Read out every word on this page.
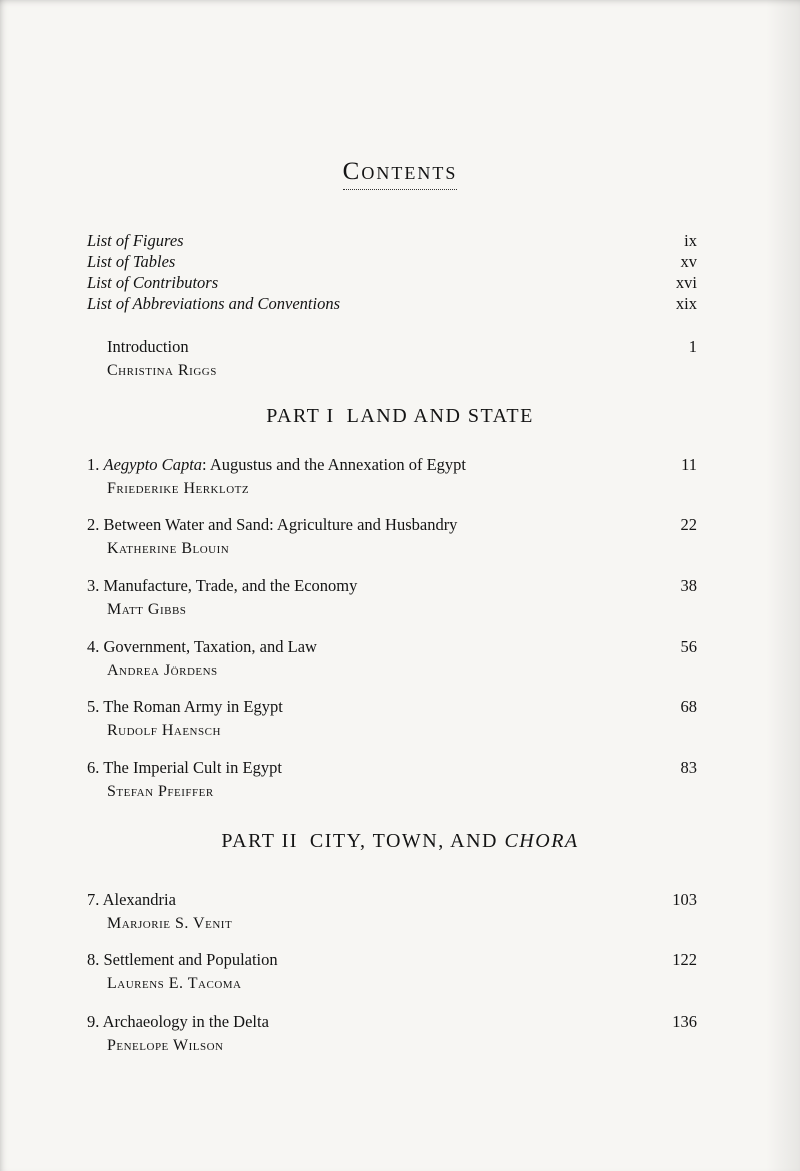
Contents
List of Figures	ix
List of Tables	xv
List of Contributors	xvi
List of Abbreviations and Conventions	xix
Introduction	1
Christina Riggs
PART I LAND AND STATE
1. Aegypto Capta: Augustus and the Annexation of Egypt	11
Friederike Herklotz
2. Between Water and Sand: Agriculture and Husbandry	22
Katherine Blouin
3. Manufacture, Trade, and the Economy	38
Matt Gibbs
4. Government, Taxation, and Law	56
Andrea Jördens
5. The Roman Army in Egypt	68
Rudolf Haensch
6. The Imperial Cult in Egypt	83
Stefan Pfeiffer
PART II CITY, TOWN, AND CHORA
7. Alexandria	103
Marjorie S. Venit
8. Settlement and Population	122
Laurens E. Tacoma
9. Archaeology in the Delta	136
Penelope Wilson
